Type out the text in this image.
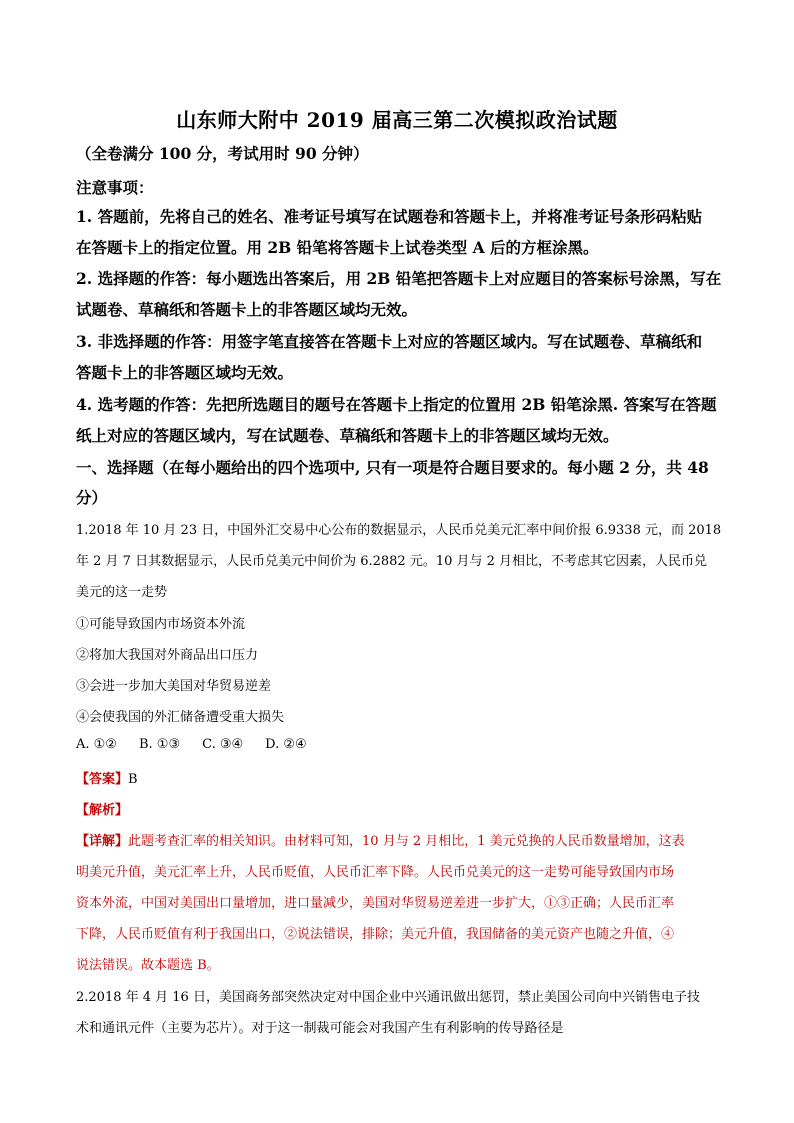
山东师大附中 2019 届高三第二次模拟政治试题

（全卷满分 100 分，考试用时 90 分钟）

注意事项：

1. 答题前，先将自己的姓名、准考证号填写在试题卷和答题卡上，并将准考证号条形码粘贴

在答题卡上的指定位置。用 2B 铅笔将答题卡上试卷类型 A 后的方框涂黑。

2. 选择题的作答：每小题选出答案后，用 2B 铅笔把答题卡上对应题目的答案标号涂黑，写在

试题卷、草稿纸和答题卡上的非答题区域均无效。

3. 非选择题的作答：用签字笔直接答在答题卡上对应的答题区域内。写在试题卷、草稿纸和

答题卡上的非答题区域均无效。

4. 选考题的作答：先把所选题目的题号在答题卡上指定的位置用 2B 铅笔涂黑. 答案写在答题

纸上对应的答题区域内，写在试题卷、草稿纸和答题卡上的非答题区域均无效。

一、选择题（在每小题给出的四个选项中, 只有一项是符合题目要求的。每小题 2 分，共 48

分）

1.2018 年 10 月 23 日，中国外汇交易中心公布的数据显示，人民币兑美元汇率中间价报 6.9338 元，而 2018

年 2 月 7 日其数据显示，人民币兑美元中间价为 6.2882 元。10 月与 2 月相比，不考虑其它因素，人民币兑

美元的这一走势

①可能导致国内市场资本外流

②将加大我国对外商品出口压力

③会进一步加大美国对华贸易逆差

④会使我国的外汇储备遭受重大损失

A. ①② B. ①③ C. ③④ D. ②④

【答案】B

【解析】

【详解】此题考查汇率的相关知识。由材料可知，10 月与 2 月相比，1 美元兑换的人民币数量增加，这表

明美元升值，美元汇率上升，人民币贬值，人民币汇率下降。人民币兑美元的这一走势可能导致国内市场

资本外流，中国对美国出口量增加，进口量减少，美国对华贸易逆差进一步扩大，①③正确；人民币汇率

下降，人民币贬值有利于我国出口，②说法错误，排除；美元升值，我国储备的美元资产也随之升值，④

说法错误。故本题选 B。

2.2018 年 4 月 16 日，美国商务部突然决定对中国企业中兴通讯做出惩罚，禁止美国公司向中兴销售电子技

术和通讯元件（主要为芯片）。对于这一制裁可能会对我国产生有利影响的传导路径是
